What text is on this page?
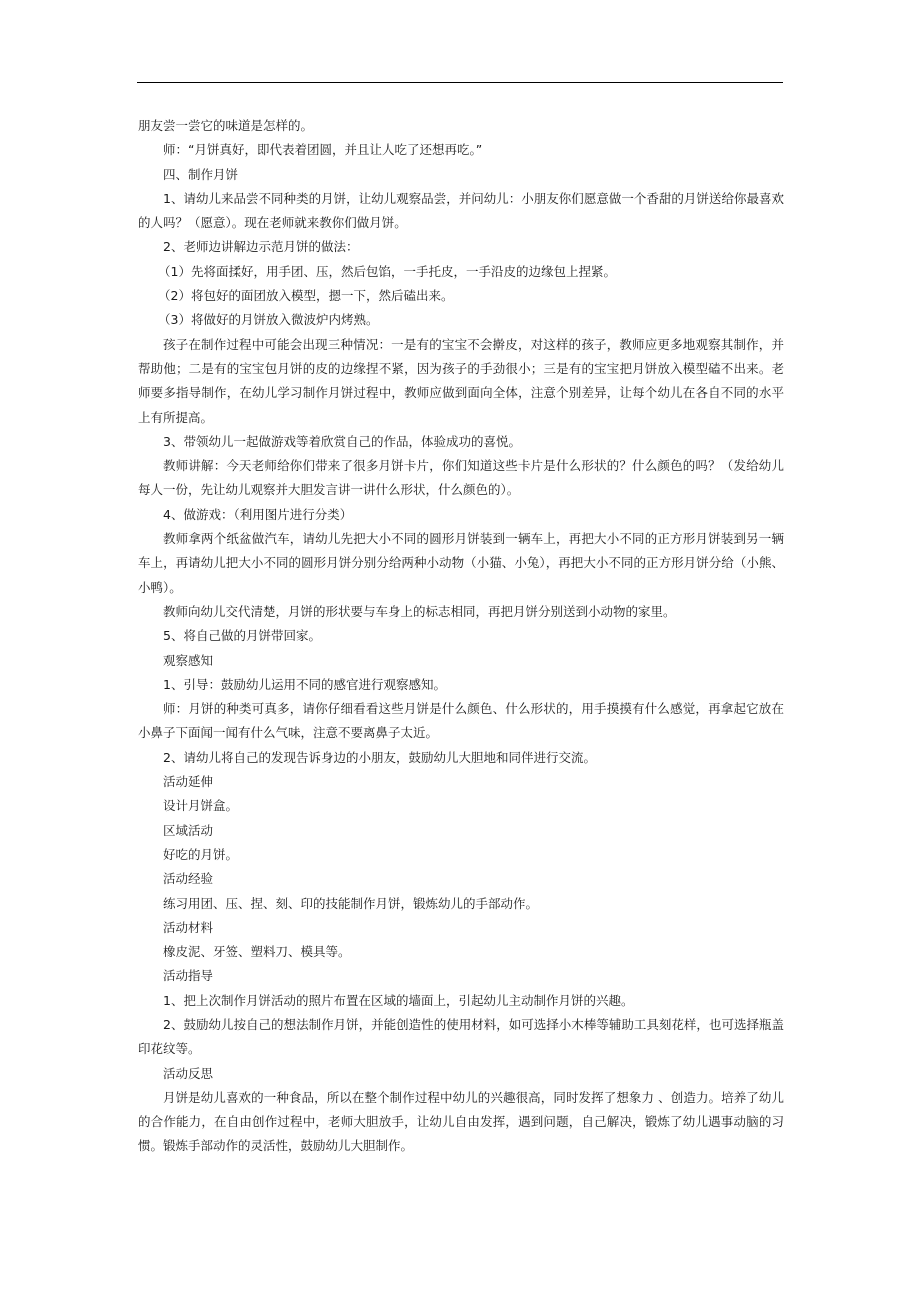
朋友尝一尝它的味道是怎样的。

师：“月饼真好，即代表着团圆，并且让人吃了还想再吃。”

四、制作月饼

1、请幼儿来品尝不同种类的月饼，让幼儿观察品尝，并问幼儿：小朋友你们愿意做一个香甜的月饼送给你最喜欢的人吗？（愿意）。现在老师就来教你们做月饼。

2、老师边讲解边示范月饼的做法：

（1）先将面揉好，用手团、压，然后包馅，一手托皮，一手沿皮的边缘包上捏紧。

（2）将包好的面团放入模型，摁一下，然后磕出来。

（3）将做好的月饼放入微波炉内烤熟。

孩子在制作过程中可能会出现三种情况：一是有的宝宝不会擀皮，对这样的孩子，教师应更多地观察其制作，并帮助他；二是有的宝宝包月饼的皮的边缘捏不紧，因为孩子的手劲很小；三是有的宝宝把月饼放入模型磕不出来。老师要多指导制作，在幼儿学习制作月饼过程中，教师应做到面向全体，注意个别差异，让每个幼儿在各自不同的水平上有所提高。

3、带领幼儿一起做游戏等着欣赏自己的作品，体验成功的喜悦。

教师讲解：今天老师给你们带来了很多月饼卡片，你们知道这些卡片是什么形状的？什么颜色的吗？（发给幼儿每人一份，先让幼儿观察并大胆发言讲一讲什么形状，什么颜色的）。

4、做游戏：（利用图片进行分类）

教师拿两个纸盆做汽车，请幼儿先把大小不同的圆形月饼装到一辆车上，再把大小不同的正方形月饼装到另一辆车上，再请幼儿把大小不同的圆形月饼分别分给两种小动物（小猫、小兔），再把大小不同的正方形月饼分给（小熊、小鸭）。

教师向幼儿交代清楚，月饼的形状要与车身上的标志相同，再把月饼分别送到小动物的家里。

5、将自己做的月饼带回家。

观察感知

1、引导：鼓励幼儿运用不同的感官进行观察感知。

师：月饼的种类可真多，请你仔细看看这些月饼是什么颜色、什么形状的，用手摸摸有什么感觉，再拿起它放在小鼻子下面闻一闻有什么气味，注意不要离鼻子太近。

2、请幼儿将自己的发现告诉身边的小朋友，鼓励幼儿大胆地和同伴进行交流。

活动延伸

设计月饼盒。

区域活动

好吃的月饼。

活动经验

练习用团、压、捏、刻、印的技能制作月饼，锻炼幼儿的手部动作。

活动材料

橡皮泥、牙签、塑料刀、模具等。

活动指导

1、把上次制作月饼活动的照片布置在区域的墙面上，引起幼儿主动制作月饼的兴趣。

2、鼓励幼儿按自己的想法制作月饼，并能创造性的使用材料，如可选择小木棒等辅助工具刻花样，也可选择瓶盖印花纹等。

活动反思

月饼是幼儿喜欢的一种食品，所以在整个制作过程中幼儿的兴趣很高，同时发挥了想象力 、创造力。培养了幼儿的合作能力，在自由创作过程中，老师大胆放手，让幼儿自由发挥，遇到问题，自己解决，锻炼了幼儿遇事动脑的习惯。锻炼手部动作的灵活性，鼓励幼儿大胆制作。
